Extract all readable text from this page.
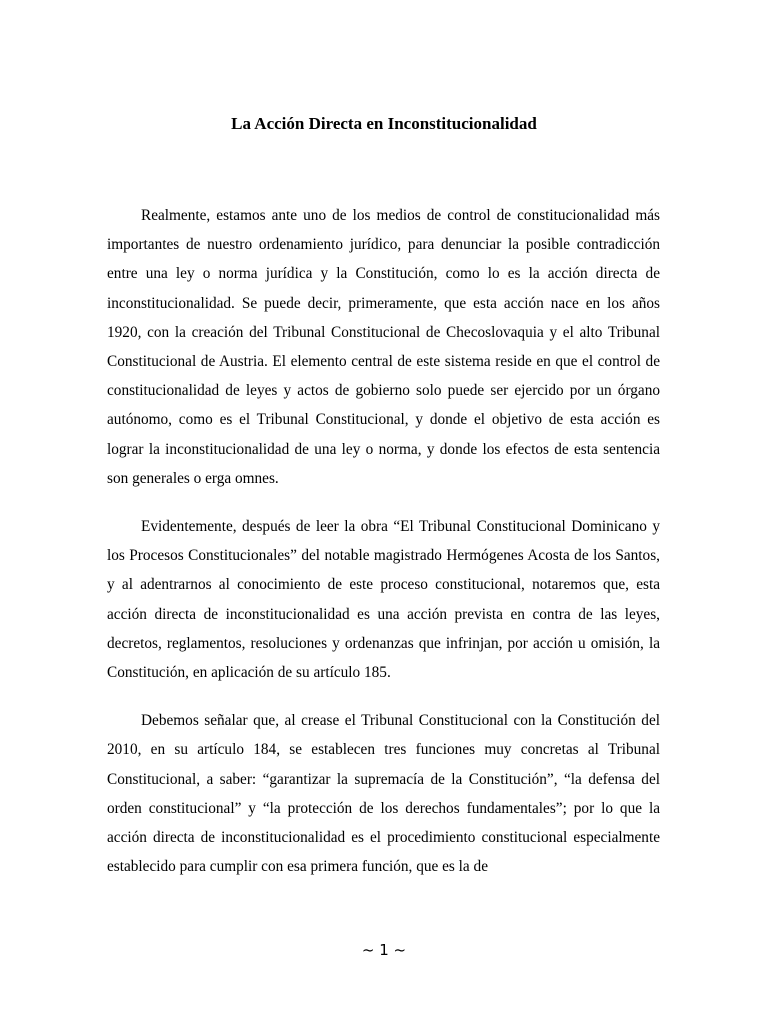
La Acción Directa en Inconstitucionalidad

Realmente, estamos ante uno de los medios de control de constitucionalidad más importantes de nuestro ordenamiento jurídico, para denunciar la posible contradicción entre una ley o norma jurídica y la Constitución, como lo es la acción directa de inconstitucionalidad. Se puede decir, primeramente, que esta acción nace en los años 1920, con la creación del Tribunal Constitucional de Checoslovaquia y el alto Tribunal Constitucional de Austria. El elemento central de este sistema reside en que el control de constitucionalidad de leyes y actos de gobierno solo puede ser ejercido por un órgano autónomo, como es el Tribunal Constitucional, y donde el objetivo de esta acción es lograr la inconstitucionalidad de una ley o norma, y donde los efectos de esta sentencia son generales o erga omnes.

Evidentemente, después de leer la obra “El Tribunal Constitucional Dominicano y los Procesos Constitucionales” del notable magistrado Hermógenes Acosta de los Santos, y al adentrarnos al conocimiento de este proceso constitucional, notaremos que, esta acción directa de inconstitucionalidad es una acción prevista en contra de las leyes, decretos, reglamentos, resoluciones y ordenanzas que infrinjan, por acción u omisión, la Constitución, en aplicación de su artículo 185.

Debemos señalar que, al crease el Tribunal Constitucional con la Constitución del 2010, en su artículo 184, se establecen tres funciones muy concretas al Tribunal Constitucional, a saber: “garantizar la supremacía de la Constitución”, “la defensa del orden constitucional” y “la protección de los derechos fundamentales”; por lo que la acción directa de inconstitucionalidad es el procedimiento constitucional especialmente establecido para cumplir con esa primera función, que es la de

~ 1 ~
